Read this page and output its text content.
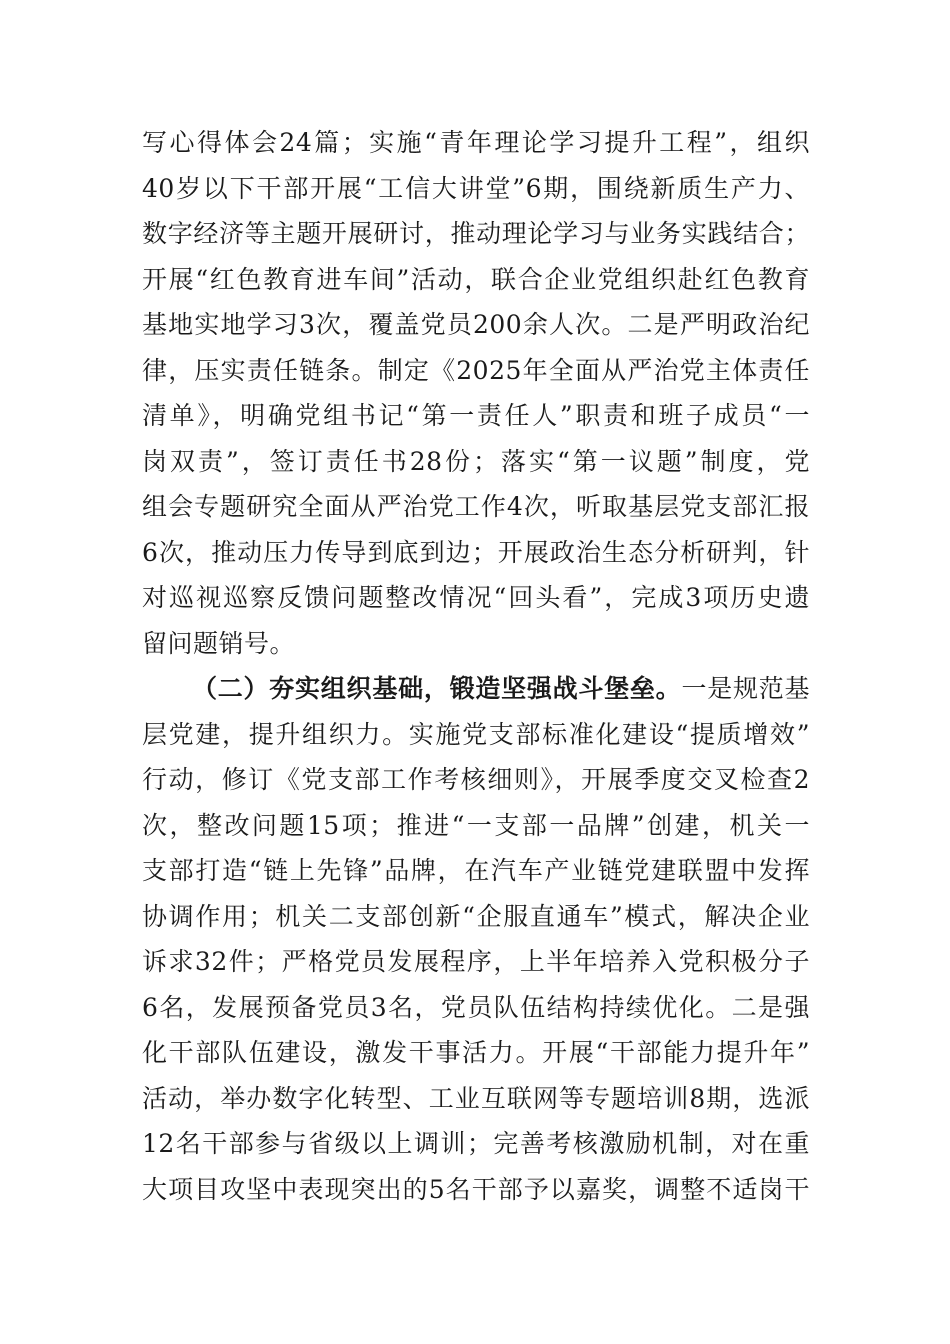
写心得体会24篇；实施“青年理论学习提升工程”，组织
40岁以下干部开展“工信大讲堂”6期，围绕新质生产力、
数字经济等主题开展研讨，推动理论学习与业务实践结合；
开展“红色教育进车间”活动，联合企业党组织赴红色教育
基地实地学习3次，覆盖党员200余人次。二是严明政治纪
律，压实责任链条。制定《2025年全面从严治党主体责任
清单》，明确党组书记“第一责任人”职责和班子成员“一
岗双责”，签订责任书28份；落实“第一议题”制度，党
组会专题研究全面从严治党工作4次，听取基层党支部汇报
6次，推动压力传导到底到边；开展政治生态分析研判，针
对巡视巡察反馈问题整改情况“回头看”，完成3项历史遗
留问题销号。
（二）夯实组织基础，锻造坚强战斗堡垒。一是规范基
层党建，提升组织力。实施党支部标准化建设“提质增效”
行动，修订《党支部工作考核细则》，开展季度交叉检查2
次，整改问题15项；推进“一支部一品牌”创建，机关一
支部打造“链上先锋”品牌，在汽车产业链党建联盟中发挥
协调作用；机关二支部创新“企服直通车”模式，解决企业
诉求32件；严格党员发展程序，上半年培养入党积极分子
6名，发展预备党员3名，党员队伍结构持续优化。二是强
化干部队伍建设，激发干事活力。开展“干部能力提升年”
活动，举办数字化转型、工业互联网等专题培训8期，选派
12名干部参与省级以上调训；完善考核激励机制，对在重
大项目攻坚中表现突出的5名干部予以嘉奖，调整不适岗干
